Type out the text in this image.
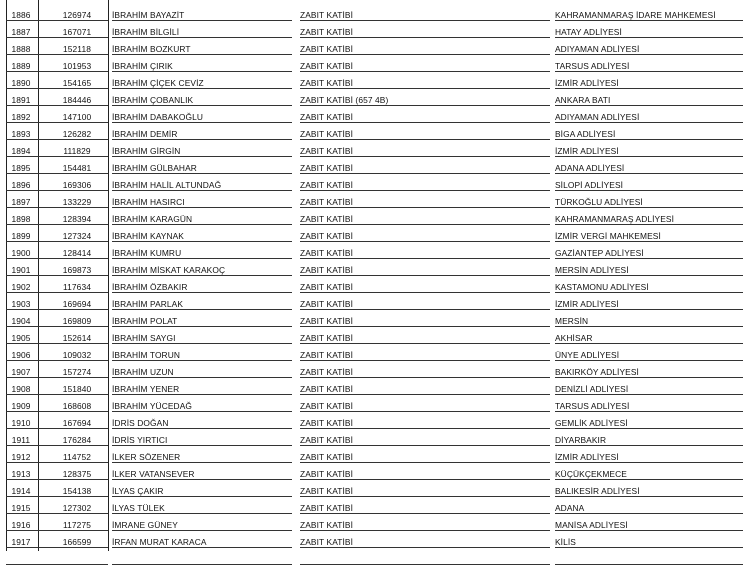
1886	126974	İBRAHİM BAYAZİT	ZABIT KATİBİ	KAHRAMANMARAŞ İDARE MAHKEMESİ
1887	167071	İBRAHİM BİLGİLİ	ZABIT KATİBİ	HATAY ADLİYESİ
1888	152118	İBRAHİM BOZKURT	ZABIT KATİBİ	ADIYAMAN ADLİYESİ
1889	101953	İBRAHİM ÇIRIK	ZABIT KATİBİ	TARSUS ADLİYESİ
1890	154165	İBRAHİM ÇİÇEK CEVİZ	ZABIT KATİBİ	İZMİR ADLİYESİ
1891	184446	İBRAHİM ÇOBANLIK	ZABIT KATİBİ (657 4B)	ANKARA BATI
1892	147100	İBRAHİM DABAKOĞLU	ZABIT KATİBİ	ADIYAMAN ADLİYESİ
1893	126282	İBRAHİM DEMİR	ZABIT KATİBİ	BİGA ADLİYESİ
1894	111829	İBRAHİM GİRGİN	ZABIT KATİBİ	İZMİR ADLİYESİ
1895	154481	İBRAHİM GÜLBAHAR	ZABIT KATİBİ	ADANA ADLİYESİ
1896	169306	İBRAHİM HALİL ALTUNDAĞ	ZABIT KATİBİ	SİLOPİ ADLİYESİ
1897	133229	İBRAHİM HASIRCI	ZABIT KATİBİ	TÜRKOĞLU ADLİYESİ
1898	128394	İBRAHİM KARAGÜN	ZABIT KATİBİ	KAHRAMANMARAŞ ADLİYESİ
1899	127324	İBRAHİM KAYNAK	ZABIT KATİBİ	İZMİR VERGİ MAHKEMESİ
1900	128414	İBRAHİM KUMRU	ZABIT KATİBİ	GAZİANTEP ADLİYESİ
1901	169873	İBRAHİM MİSKAT KARAKOÇ	ZABIT KATİBİ	MERSİN ADLİYESİ
1902	117634	İBRAHİM ÖZBAKIR	ZABIT KATİBİ	KASTAMONU ADLİYESİ
1903	169694	İBRAHİM PARLAK	ZABIT KATİBİ	İZMİR ADLİYESİ
1904	169809	İBRAHİM POLAT	ZABIT KATİBİ	MERSİN
1905	152614	İBRAHİM SAYGI	ZABIT KATİBİ	AKHİSAR
1906	109032	İBRAHİM TORUN	ZABIT KATİBİ	ÜNYE ADLİYESİ
1907	157274	İBRAHİM UZUN	ZABIT KATİBİ	BAKIRKÖY ADLİYESİ
1908	151840	İBRAHİM YENER	ZABIT KATİBİ	DENİZLİ ADLİYESİ
1909	168608	İBRAHİM YÜCEDAĞ	ZABIT KATİBİ	TARSUS ADLİYESİ
1910	167694	İDRİS DOĞAN	ZABIT KATİBİ	GEMLİK ADLİYESİ
1911	176284	İDRİS YIRTICI	ZABIT KATİBİ	DİYARBAKIR
1912	114752	İLKER SÖZENER	ZABIT KATİBİ	İZMİR ADLİYESİ
1913	128375	İLKER VATANSEVER	ZABIT KATİBİ	KÜÇÜKÇEKMECE
1914	154138	İLYAS ÇAKIR	ZABIT KATİBİ	BALIKESİR ADLİYESİ
1915	127302	İLYAS TÜLEK	ZABIT KATİBİ	ADANA
1916	117275	İMRANE GÜNEY	ZABIT KATİBİ	MANİSA ADLİYESİ
1917	166599	İRFAN MURAT KARACA	ZABIT KATİBİ	KİLİS
